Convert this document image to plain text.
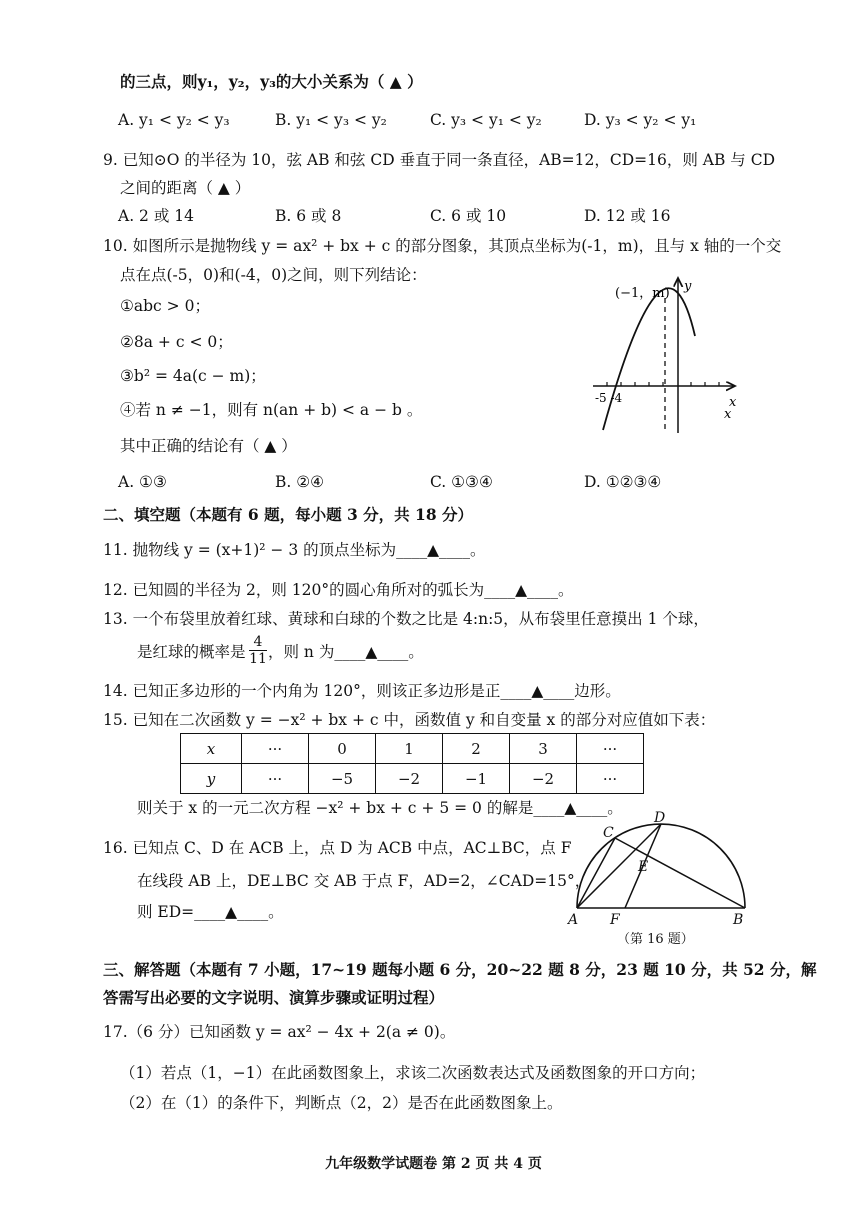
的三点，则y₁，y₂，y₃的大小关系为（ ▲ ）
A. y₁ < y₂ < y₃	B. y₁ < y₃ < y₂	C. y₃ < y₁ < y₂	D. y₃ < y₂ < y₁
9. 已知⊙O 的半径为 10，弦 AB 和弦 CD 垂直于同一条直径，AB=12，CD=16，则 AB 与 CD
之间的距离（ ▲ ）
A. 2 或 14	B. 6 或 8	C. 6 或 10	D. 12 或 16
10. 如图所示是抛物线 y = ax² + bx + c 的部分图象，其顶点坐标为(-1，m)，且与 x 轴的一个交
点在点(-5，0)和(-4，0)之间，则下列结论：
①abc > 0；
②8a + c < 0；
③b² = 4a(c − m)；
④若 n ≠ −1，则有 n(an + b) < a − b 。
其中正确的结论有（ ▲ ）
A. ①③	B. ②④	C. ①③④	D. ①②③④
(−1，m) y
x
x
-5 -4
二、填空题（本题有 6 题，每小题 3 分，共 18 分）
11. 抛物线 y = (x+1)² − 3 的顶点坐标为____▲____。
12. 已知圆的半径为 2，则 120°的圆心角所对的弧长为____▲____。
13. 一个布袋里放着红球、黄球和白球的个数之比是 4:n:5，从布袋里任意摸出 1 个球，
是红球的概率是 $\frac{4}{11}$ ，则 n 为____▲____。
14. 已知正多边形的一个内角为 120°，则该正多边形是正____▲____边形。
15. 已知在二次函数 y = −x² + bx + c 中，函数值 y 和自变量 x 的部分对应值如下表：
x	···	0	1	2	3	···
y	···	−5	−2	−1	−2	···
则关于 x 的一元二次方程 −x² + bx + c + 5 = 0 的解是____▲____。
16. 已知点 C、D 在 ACB 上，点 D 为 ACB 中点，AC⊥BC，点 F
在线段 AB 上，DE⊥BC 交 AB 于点 F，AD=2，∠CAD=15°，
则 ED=____▲____。
C
D
E
A F	B
（第 16 题）
三、解答题（本题有 7 小题，17~19 题每小题 6 分，20~22 题 8 分，23 题 10 分，共 52 分，解
答需写出必要的文字说明、演算步骤或证明过程）
17.（6 分）已知函数 y = ax² − 4x + 2(a ≠ 0)。
（1）若点（1，−1）在此函数图象上，求该二次函数表达式及函数图象的开口方向；
（2）在（1）的条件下，判断点（2，2）是否在此函数图象上。
九年级数学试题卷 第 2 页 共 4 页
